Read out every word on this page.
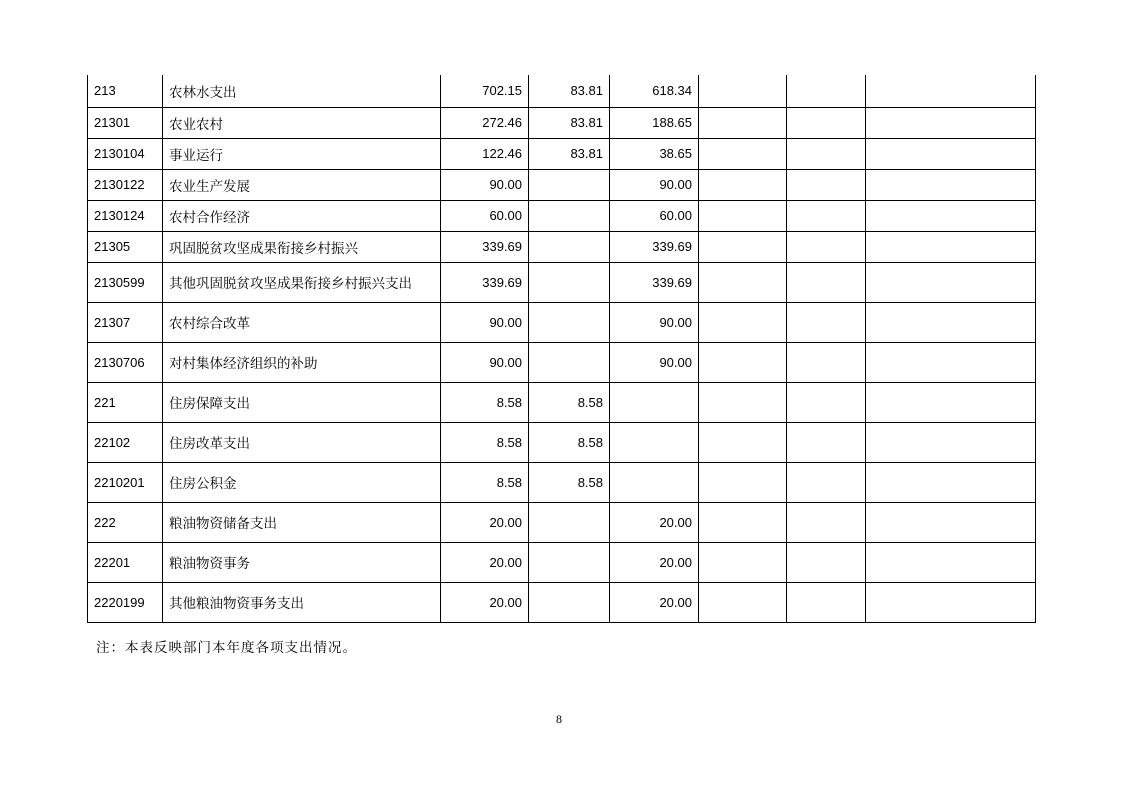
213	农林水支出	702.15	83.81	618.34			
21301	农业农村	272.46	83.81	188.65			
2130104	事业运行	122.46	83.81	38.65			
2130122	农业生产发展	90.00		90.00			
2130124	农村合作经济	60.00		60.00			
21305	巩固脱贫攻坚成果衔接乡村振兴	339.69		339.69			
2130599	其他巩固脱贫攻坚成果衔接乡村振兴支出	339.69		339.69			
21307	农村综合改革	90.00		90.00			
2130706	对村集体经济组织的补助	90.00		90.00			
221	住房保障支出	8.58	8.58				
22102	住房改革支出	8.58	8.58				
2210201	住房公积金	8.58	8.58				
222	粮油物资储备支出	20.00		20.00			
22201	粮油物资事务	20.00		20.00			
2220199	其他粮油物资事务支出	20.00		20.00			
注：本表反映部门本年度各项支出情况。
8
